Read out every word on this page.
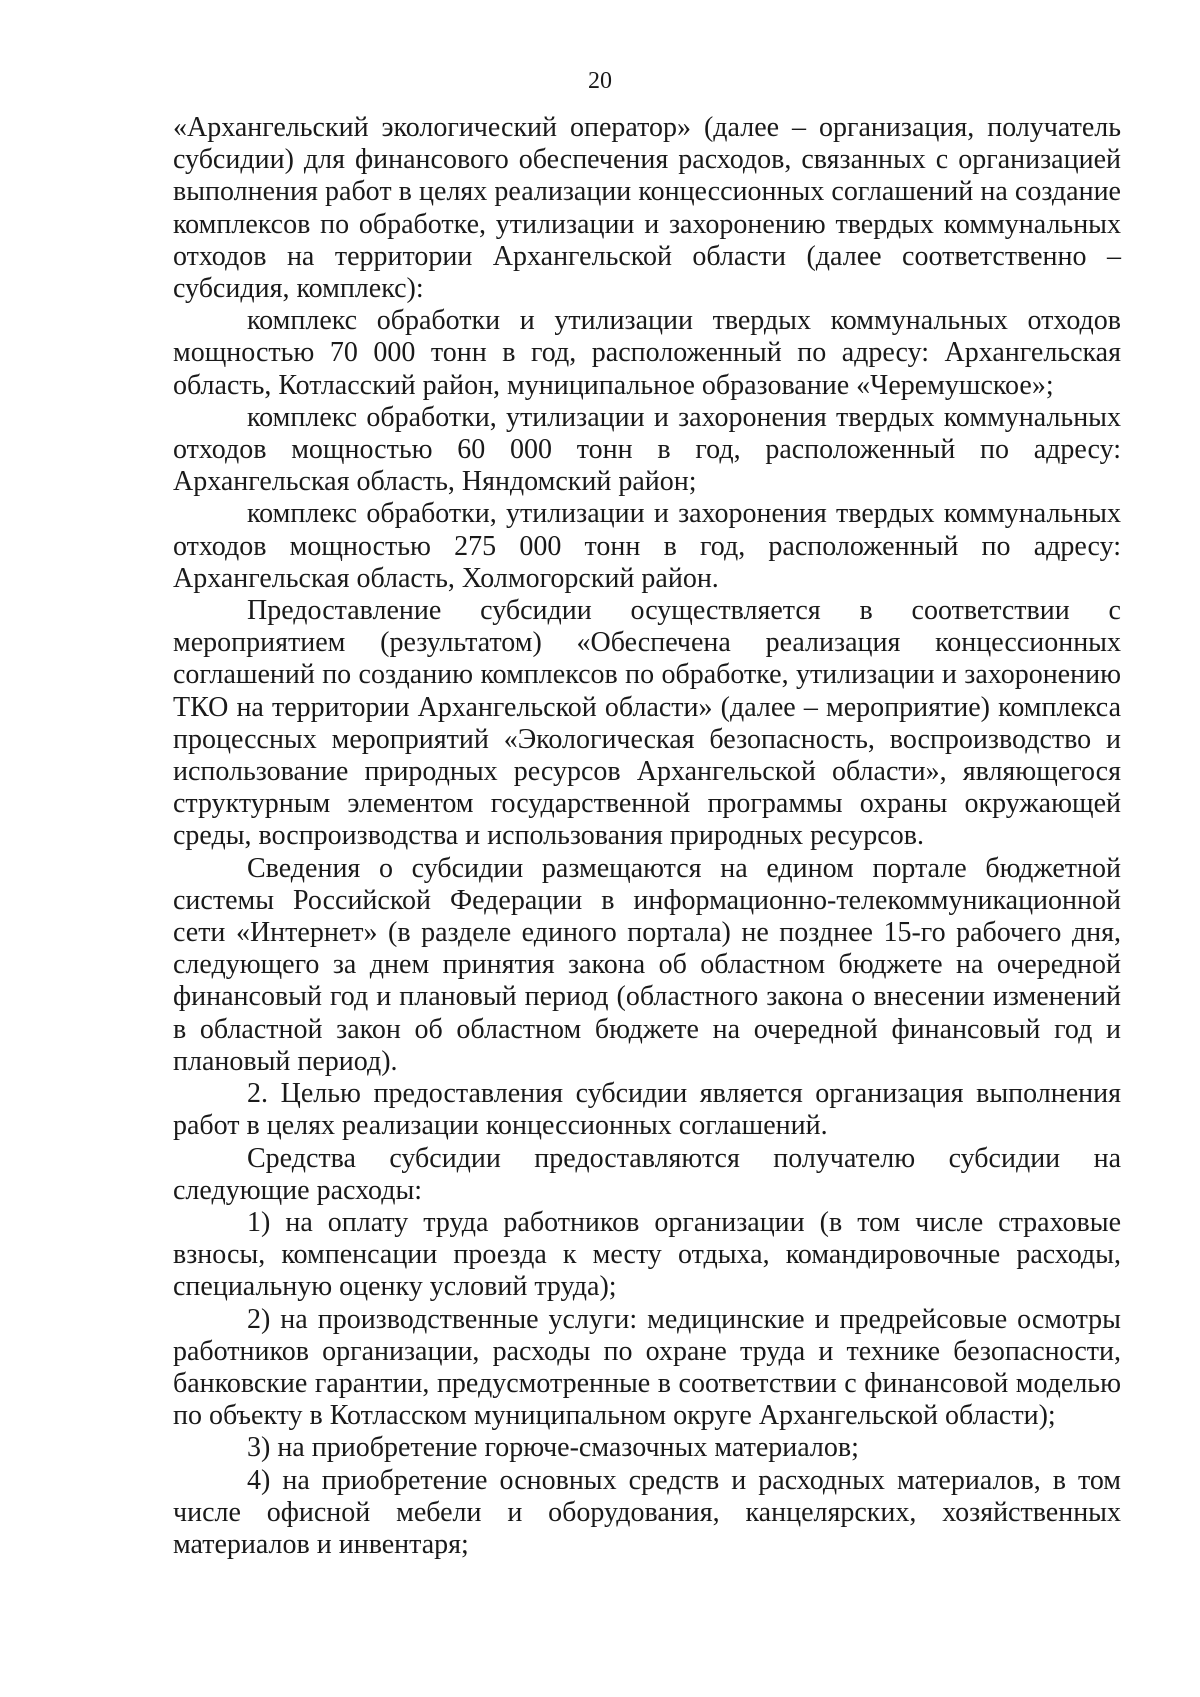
20

«Архангельский экологический оператор» (далее – организация, получатель субсидии) для финансового обеспечения расходов, связанных с организацией выполнения работ в целях реализации концессионных соглашений на создание комплексов по обработке, утилизации и захоронению твердых коммунальных отходов на территории Архангельской области (далее соответственно – субсидия, комплекс):

комплекс обработки и утилизации твердых коммунальных отходов мощностью 70 000 тонн в год, расположенный по адресу: Архангельская область, Котласский район, муниципальное образование «Черемушское»;

комплекс обработки, утилизации и захоронения твердых коммунальных отходов мощностью 60 000 тонн в год, расположенный по адресу: Архангельская область, Няндомский район;

комплекс обработки, утилизации и захоронения твердых коммунальных отходов мощностью 275 000 тонн в год, расположенный по адресу: Архангельская область, Холмогорский район.

Предоставление субсидии осуществляется в соответствии с мероприятием (результатом) «Обеспечена реализация концессионных соглашений по созданию комплексов по обработке, утилизации и захоронению ТКО на территории Архангельской области» (далее – мероприятие) комплекса процессных мероприятий «Экологическая безопасность, воспроизводство и использование природных ресурсов Архангельской области», являющегося структурным элементом государственной программы охраны окружающей среды, воспроизводства и использования природных ресурсов.

Сведения о субсидии размещаются на едином портале бюджетной системы Российской Федерации в информационно-телекоммуникационной сети «Интернет» (в разделе единого портала) не позднее 15-го рабочего дня, следующего за днем принятия закона об областном бюджете на очередной финансовый год и плановый период (областного закона о внесении изменений в областной закон об областном бюджете на очередной финансовый год и плановый период).

2. Целью предоставления субсидии является организация выполнения работ в целях реализации концессионных соглашений.

Средства субсидии предоставляются получателю субсидии на следующие расходы:

1) на оплату труда работников организации (в том числе страховые взносы, компенсации проезда к месту отдыха, командировочные расходы, специальную оценку условий труда);

2) на производственные услуги: медицинские и предрейсовые осмотры работников организации, расходы по охране труда и технике безопасности, банковские гарантии, предусмотренные в соответствии с финансовой моделью по объекту в Котласском муниципальном округе Архангельской области);

3) на приобретение горюче-смазочных материалов;

4) на приобретение основных средств и расходных материалов, в том числе офисной мебели и оборудования, канцелярских, хозяйственных материалов и инвентаря;
